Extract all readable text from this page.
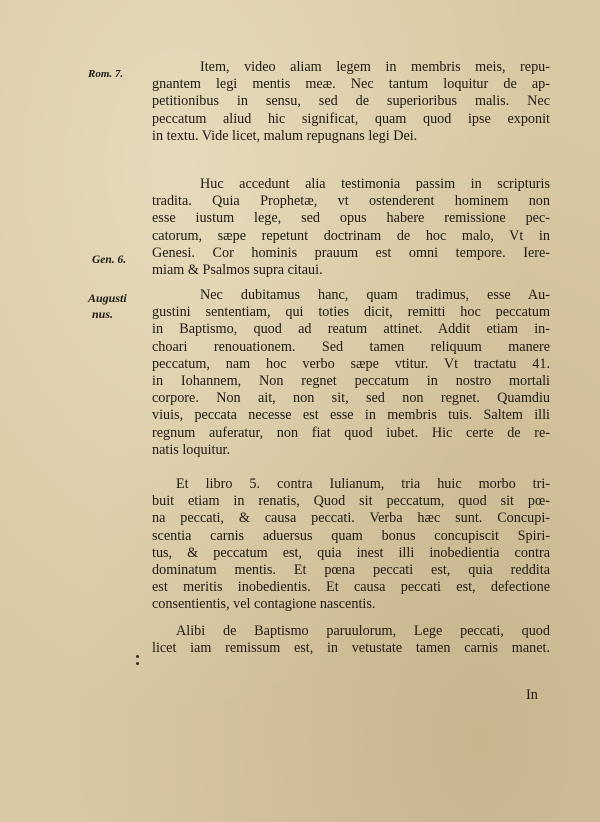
Rom. 7.
Gen. 6.
Augusti
nus.
Item, video aliam legem in membris meis, repu-
gnantem legi mentis meæ. Nec tantum loquitur de ap-
petitionibus in sensu, sed de superioribus malis. Nec
peccatum aliud hic significat, quam quod ipse exponit
in textu. Vide licet, malum repugnans legi Dei.
Huc accedunt alia testimonia passim in scripturis
tradita. Quia Prophetæ, vt ostenderent hominem non
esse iustum lege, sed opus habere remissione pec-
catorum, sæpe repetunt doctrinam de hoc malo, Vt in
Genesi. Cor hominis prauum est omni tempore. Iere-
miam & Psalmos supra citaui.
Nec dubitamus hanc, quam tradimus, esse Au-
gustini sententiam, qui toties dicit, remitti hoc peccatum
in Baptismo, quod ad reatum attinet. Addit etiam in-
choari renouationem. Sed tamen reliquum manere
peccatum, nam hoc verbo sæpe vtitur. Vt tractatu 41.
in Iohannem, Non regnet peccatum in nostro mortali
corpore. Non ait, non sit, sed non regnet. Quamdiu
viuis, peccata necesse est esse in membris tuis. Saltem illi
regnum auferatur, non fiat quod iubet. Hic certe de re-
natis loquitur.
Et libro 5. contra Iulianum, tria huic morbo tri-
buit etiam in renatis, Quod sit peccatum, quod sit pœ-
na peccati, & causa peccati. Verba hæc sunt. Concupi-
scentia carnis aduersus quam bonus concupiscit Spiri-
tus, & peccatum est, quia inest illi inobedientia contra
dominatum mentis. Et pœna peccati est, quia reddita
est meritis inobedientis. Et causa peccati est, defectione
consentientis, vel contagione nascentis.
Alibi de Baptismo paruulorum, Lege peccati, quod
licet iam remissum est, in vetustate tamen carnis manet.
In
